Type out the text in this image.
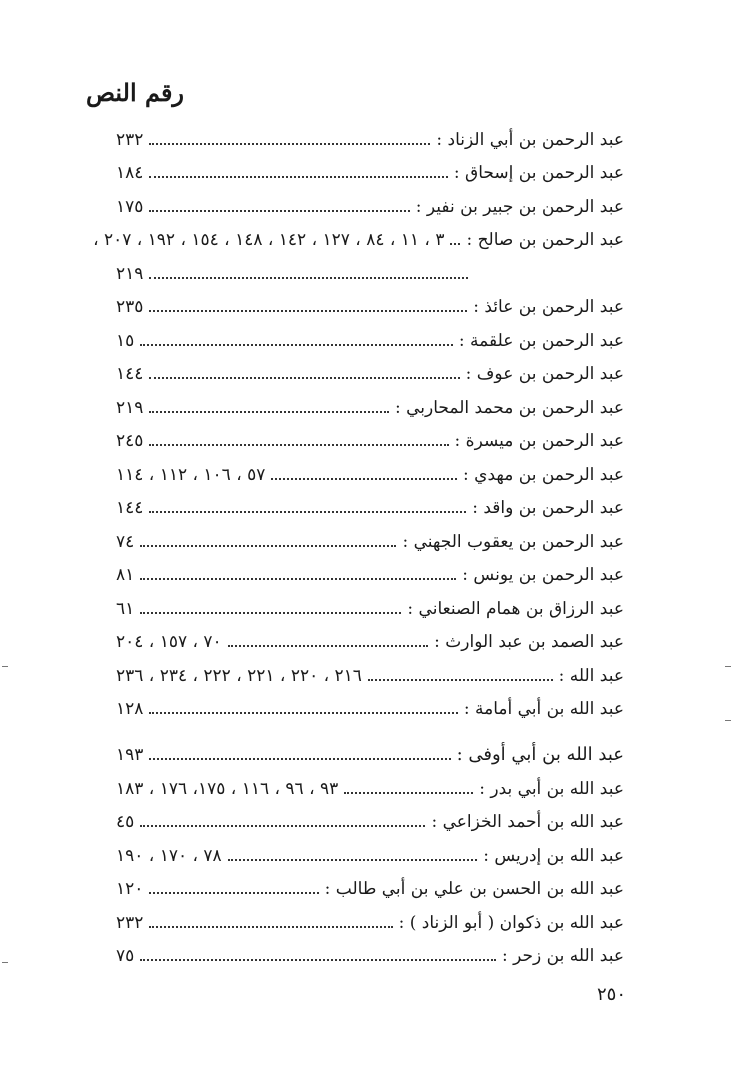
رقم النص
عبد الرحمن بن أبي الزناد :
٢٣٢
عبد الرحمن بن إسحاق :
١٨٤
عبد الرحمن بن جبير بن نفير :
١٧٥
عبد الرحمن بن صالح :
٣ ، ١١ ، ٨٤ ، ١٢٧ ، ١٤٢ ، ١٤٨ ، ١٥٤ ، ١٩٢ ، ٢٠٧ ،
٢١٩
عبد الرحمن بن عائذ :
٢٣٥
عبد الرحمن بن علقمة :
١٥
عبد الرحمن بن عوف :
١٤٤
عبد الرحمن بن محمد المحاربي :
٢١٩
عبد الرحمن بن ميسرة :
٢٤٥
عبد الرحمن بن مهدي :
٥٧ ، ١٠٦ ، ١١٢ ، ١١٤
عبد الرحمن بن واقد :
١٤٤
عبد الرحمن بن يعقوب الجهني :
٧٤
عبد الرحمن بن يونس :
٨١
عبد الرزاق بن همام الصنعاني :
٦١
عبد الصمد بن عبد الوارث :
٧٠ ، ١٥٧ ، ٢٠٤
عبد الله :
٢١٦ ، ٢٢٠ ، ٢٢١ ، ٢٢٢ ، ٢٣٤ ، ٢٣٦
عبد الله بن أبي أمامة :
١٢٨
عبد الله بن أبي أوفى :
١٩٣
عبد الله بن أبي بدر :
٩٣ ، ٩٦ ، ١١٦ ، ١٧٥، ١٧٦ ، ١٨٣
عبد الله بن أحمد الخزاعي :
٤٥
عبد الله بن إدريس :
٧٨ ، ١٧٠ ، ١٩٠
عبد الله بن الحسن بن علي بن أبي طالب :
١٢٠
عبد الله بن ذكوان ( أبو الزناد ) :
٢٣٢
عبد الله بن زحر :
٧٥
٢٥٠
